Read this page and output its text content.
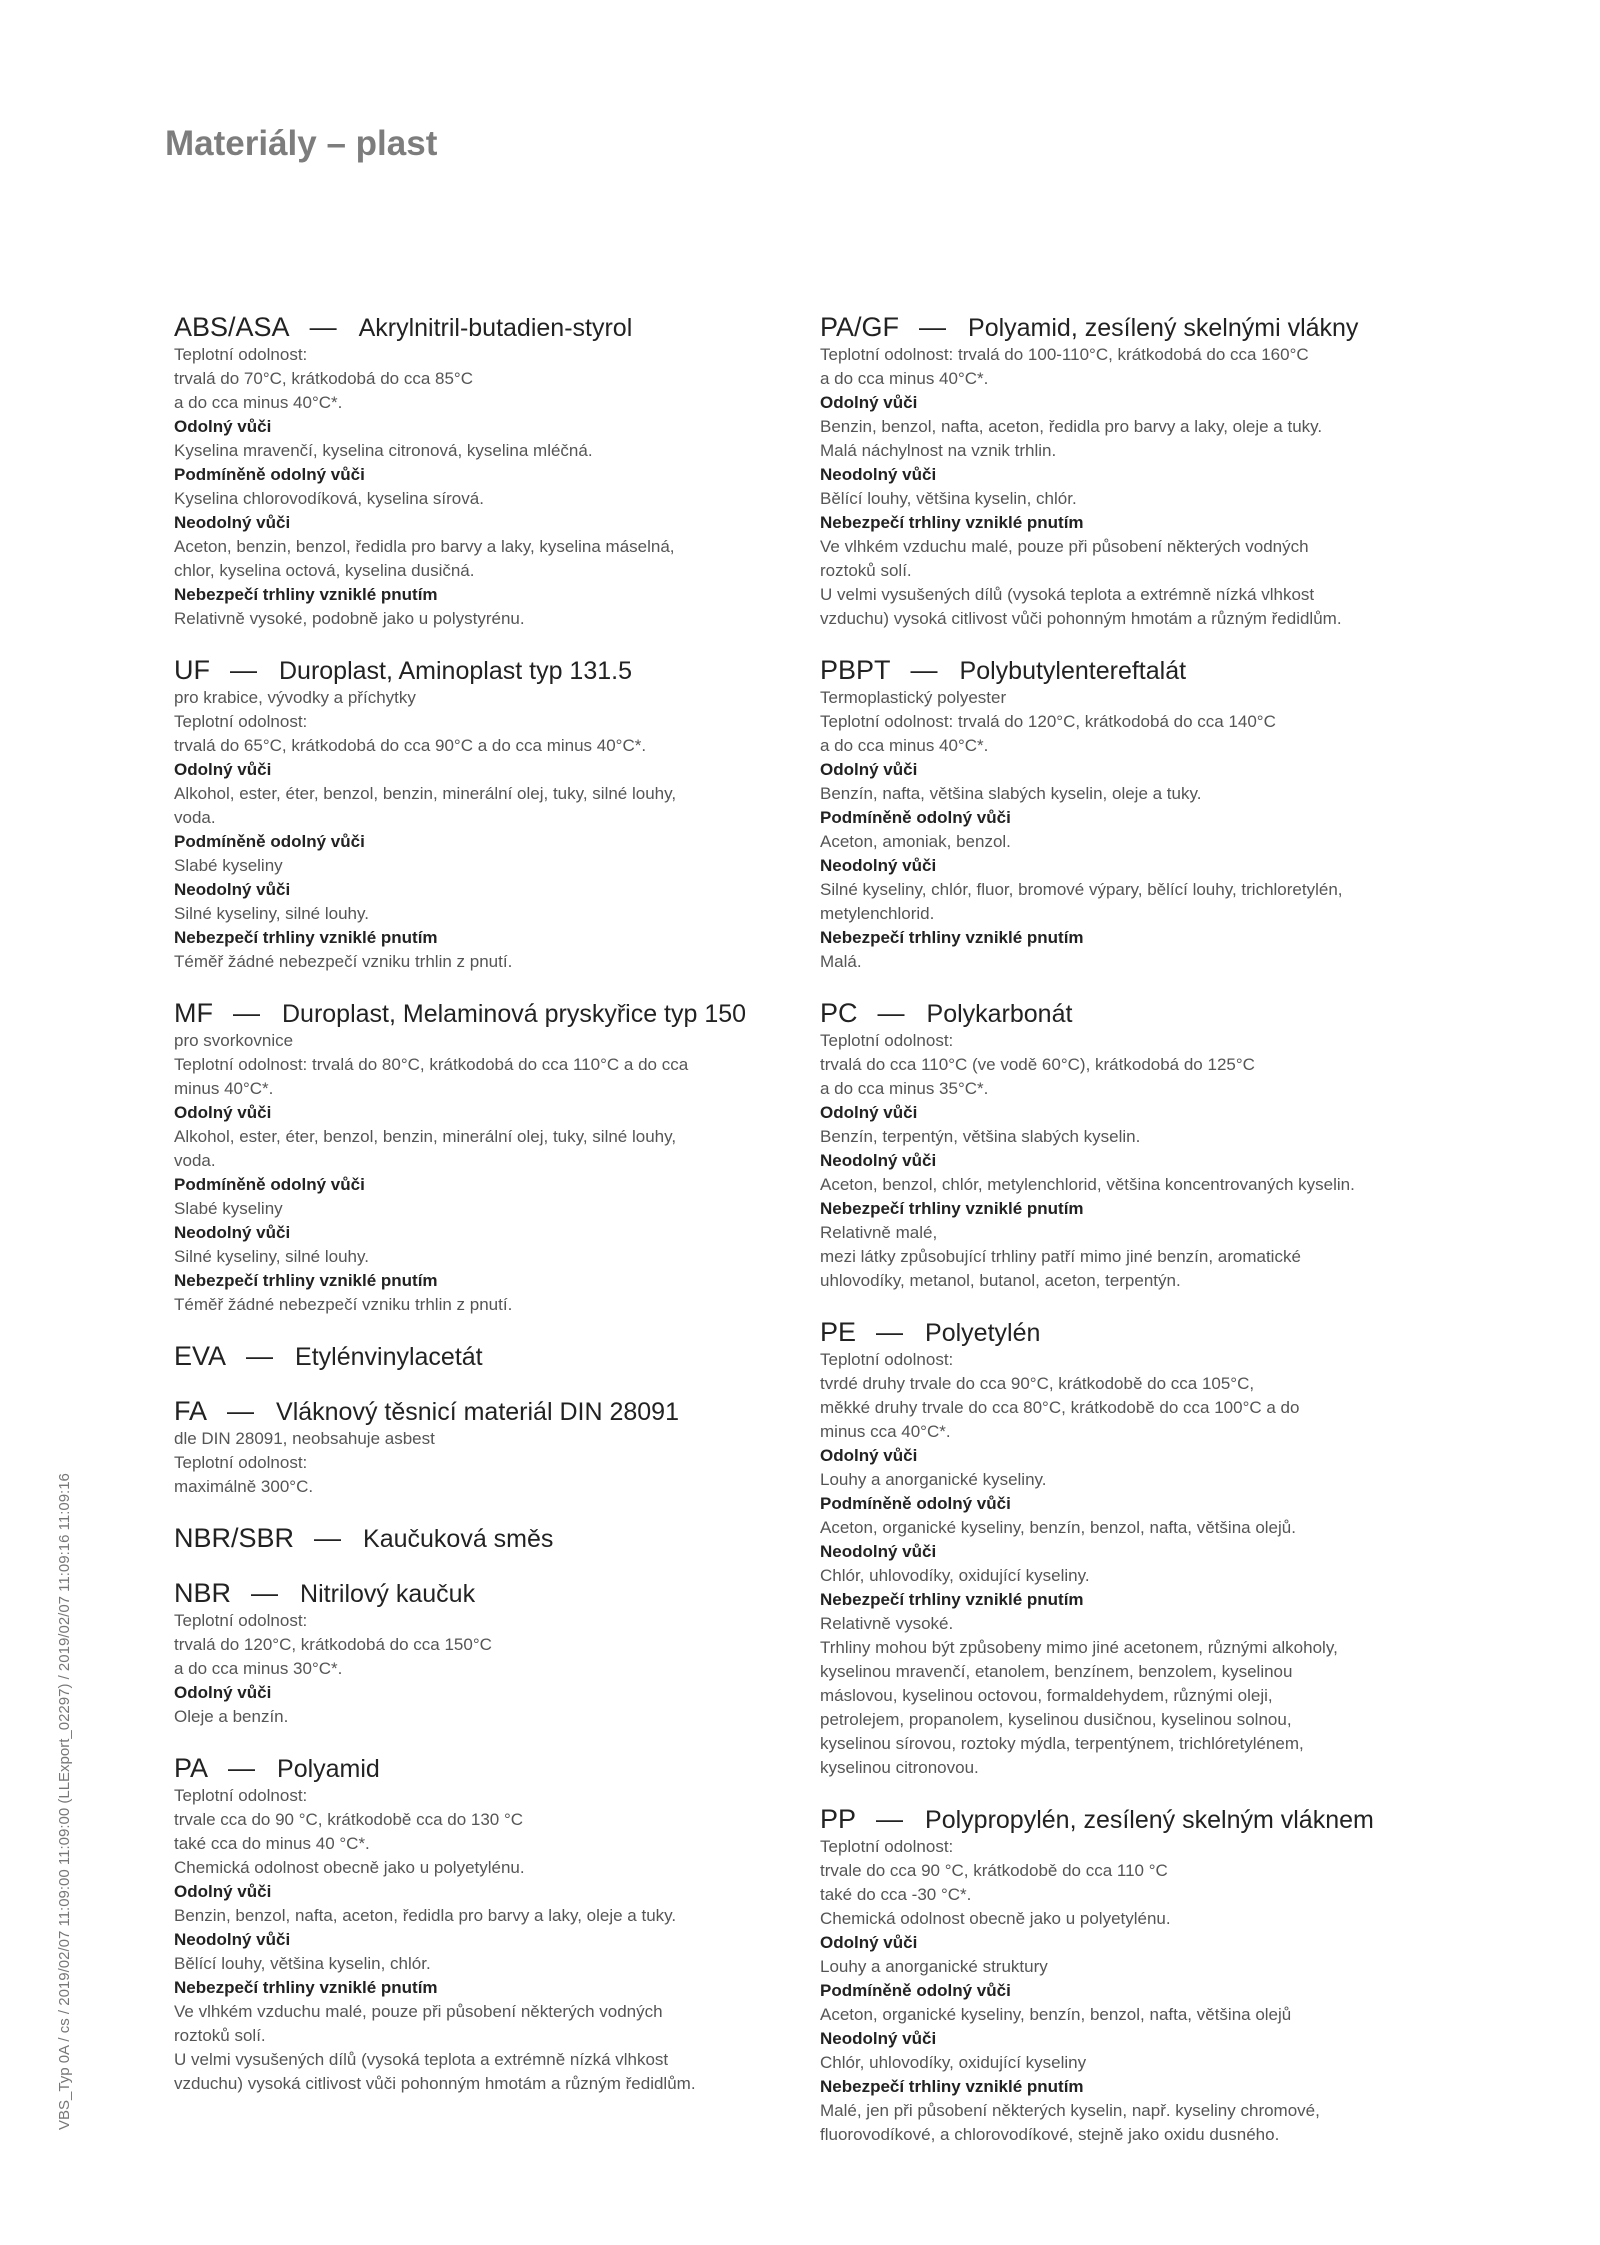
Materiály – plast
ABS/ASA — Akrylnitril-butadien-styrol
Teplotní odolnost:
trvalá do 70°C, krátkodobá do cca 85°C
a do cca minus 40°C*.
Odolný vůči
Kyselina mravenčí, kyselina citronová, kyselina mléčná.
Podmíněně odolný vůči
Kyselina chlorovodíková, kyselina sírová.
Neodolný vůči
Aceton, benzin, benzol, ředidla pro barvy a laky, kyselina máselná,
chlor, kyselina octová, kyselina dusičná.
Nebezpečí trhliny vzniklé pnutím
Relativně vysoké, podobně jako u polystyrénu.
UF — Duroplast, Aminoplast typ 131.5
pro krabice, vývodky a příchytky
Teplotní odolnost:
trvalá do 65°C, krátkodobá do cca 90°C a do cca minus 40°C*.
Odolný vůči
Alkohol, ester, éter, benzol, benzin, minerální olej, tuky, silné louhy,
voda.
Podmíněně odolný vůči
Slabé kyseliny
Neodolný vůči
Silné kyseliny, silné louhy.
Nebezpečí trhliny vzniklé pnutím
Téměř žádné nebezpečí vzniku trhlin z pnutí.
MF — Duroplast, Melaminová pryskyřice typ 150
pro svorkovnice
Teplotní odolnost: trvalá do 80°C, krátkodobá do cca 110°C a do cca
minus 40°C*.
Odolný vůči
Alkohol, ester, éter, benzol, benzin, minerální olej, tuky, silné louhy,
voda.
Podmíněně odolný vůči
Slabé kyseliny
Neodolný vůči
Silné kyseliny, silné louhy.
Nebezpečí trhliny vzniklé pnutím
Téměř žádné nebezpečí vzniku trhlin z pnutí.
EVA — Etylénvinylacetát
FA — Vláknový těsnicí materiál DIN 28091
dle DIN 28091, neobsahuje asbest
Teplotní odolnost:
maximálně 300°C.
NBR/SBR — Kaučuková směs
NBR — Nitrilový kaučuk
Teplotní odolnost:
trvalá do 120°C, krátkodobá do cca 150°C
a do cca minus 30°C*.
Odolný vůči
Oleje a benzín.
PA — Polyamid
Teplotní odolnost:
trvale cca do 90 °C, krátkodobě cca do 130 °C
také cca do minus 40 °C*.
Chemická odolnost obecně jako u polyetylénu.
Odolný vůči
Benzin, benzol, nafta, aceton, ředidla pro barvy a laky, oleje a tuky.
Neodolný vůči
Bělící louhy, většina kyselin, chlór.
Nebezpečí trhliny vzniklé pnutím
Ve vlhkém vzduchu malé, pouze při působení některých vodných
roztoků solí.
U velmi vysušených dílů (vysoká teplota a extrémně nízká vlhkost
vzduchu) vysoká citlivost vůči pohonným hmotám a různým ředidlům.
PA/GF — Polyamid, zesílený skelnými vlákny
Teplotní odolnost: trvalá do 100-110°C, krátkodobá do cca 160°C
a do cca minus 40°C*.
Odolný vůči
Benzin, benzol, nafta, aceton, ředidla pro barvy a laky, oleje a tuky.
Malá náchylnost na vznik trhlin.
Neodolný vůči
Bělící louhy, většina kyselin, chlór.
Nebezpečí trhliny vzniklé pnutím
Ve vlhkém vzduchu malé, pouze při působení některých vodných
roztoků solí.
U velmi vysušených dílů (vysoká teplota a extrémně nízká vlhkost
vzduchu) vysoká citlivost vůči pohonným hmotám a různým ředidlům.
PBPT — Polybutylentereftalát
Termoplastický polyester
Teplotní odolnost: trvalá do 120°C, krátkodobá do cca 140°C
a do cca minus 40°C*.
Odolný vůči
Benzín, nafta, většina slabých kyselin, oleje a tuky.
Podmíněně odolný vůči
Aceton, amoniak, benzol.
Neodolný vůči
Silné kyseliny, chlór, fluor, bromové výpary, bělící louhy, trichloretylén,
metylenchlorid.
Nebezpečí trhliny vzniklé pnutím
Malá.
PC — Polykarbonát
Teplotní odolnost:
trvalá do cca 110°C (ve vodě 60°C), krátkodobá do 125°C
a do cca minus 35°C*.
Odolný vůči
Benzín, terpentýn, většina slabých kyselin.
Neodolný vůči
Aceton, benzol, chlór, metylenchlorid, většina koncentrovaných kyselin.
Nebezpečí trhliny vzniklé pnutím
Relativně malé,
mezi látky způsobující trhliny patří mimo jiné benzín, aromatické
uhlovodíky, metanol, butanol, aceton, terpentýn.
PE — Polyetylén
Teplotní odolnost:
tvrdé druhy trvale do cca 90°C, krátkodobě do cca 105°C,
měkké druhy trvale do cca 80°C, krátkodobě do cca 100°C a do
minus cca 40°C*.
Odolný vůči
Louhy a anorganické kyseliny.
Podmíněně odolný vůči
Aceton, organické kyseliny, benzín, benzol, nafta, většina olejů.
Neodolný vůči
Chlór, uhlovodíky, oxidující kyseliny.
Nebezpečí trhliny vzniklé pnutím
Relativně vysoké.
Trhliny mohou být způsobeny mimo jiné acetonem, různými alkoholy,
kyselinou mravenčí, etanolem, benzínem, benzolem, kyselinou
máslovou, kyselinou octovou, formaldehydem, různými oleji,
petrolejem, propanolem, kyselinou dusičnou, kyselinou solnou,
kyselinou sírovou, roztoky mýdla, terpentýnem, trichlóretylénem,
kyselinou citronovou.
PP — Polypropylén, zesílený skelným vláknem
Teplotní odolnost:
trvale do cca 90 °C, krátkodobě do cca 110 °C
také do cca -30 °C*.
Chemická odolnost obecně jako u polyetylénu.
Odolný vůči
Louhy a anorganické struktury
Podmíněně odolný vůči
Aceton, organické kyseliny, benzín, benzol, nafta, většina olejů
Neodolný vůči
Chlór, uhlovodíky, oxidující kyseliny
Nebezpečí trhliny vzniklé pnutím
Malé, jen při působení některých kyselin, např. kyseliny chromové,
fluorovodíkové, a chlorovodíkové, stejně jako oxidu dusného.
VBS_Typ 0A / cs / 2019/02/07 11:09:00 11:09:00 (LLExport_02297) / 2019/02/07 11:09:16 11:09:16
